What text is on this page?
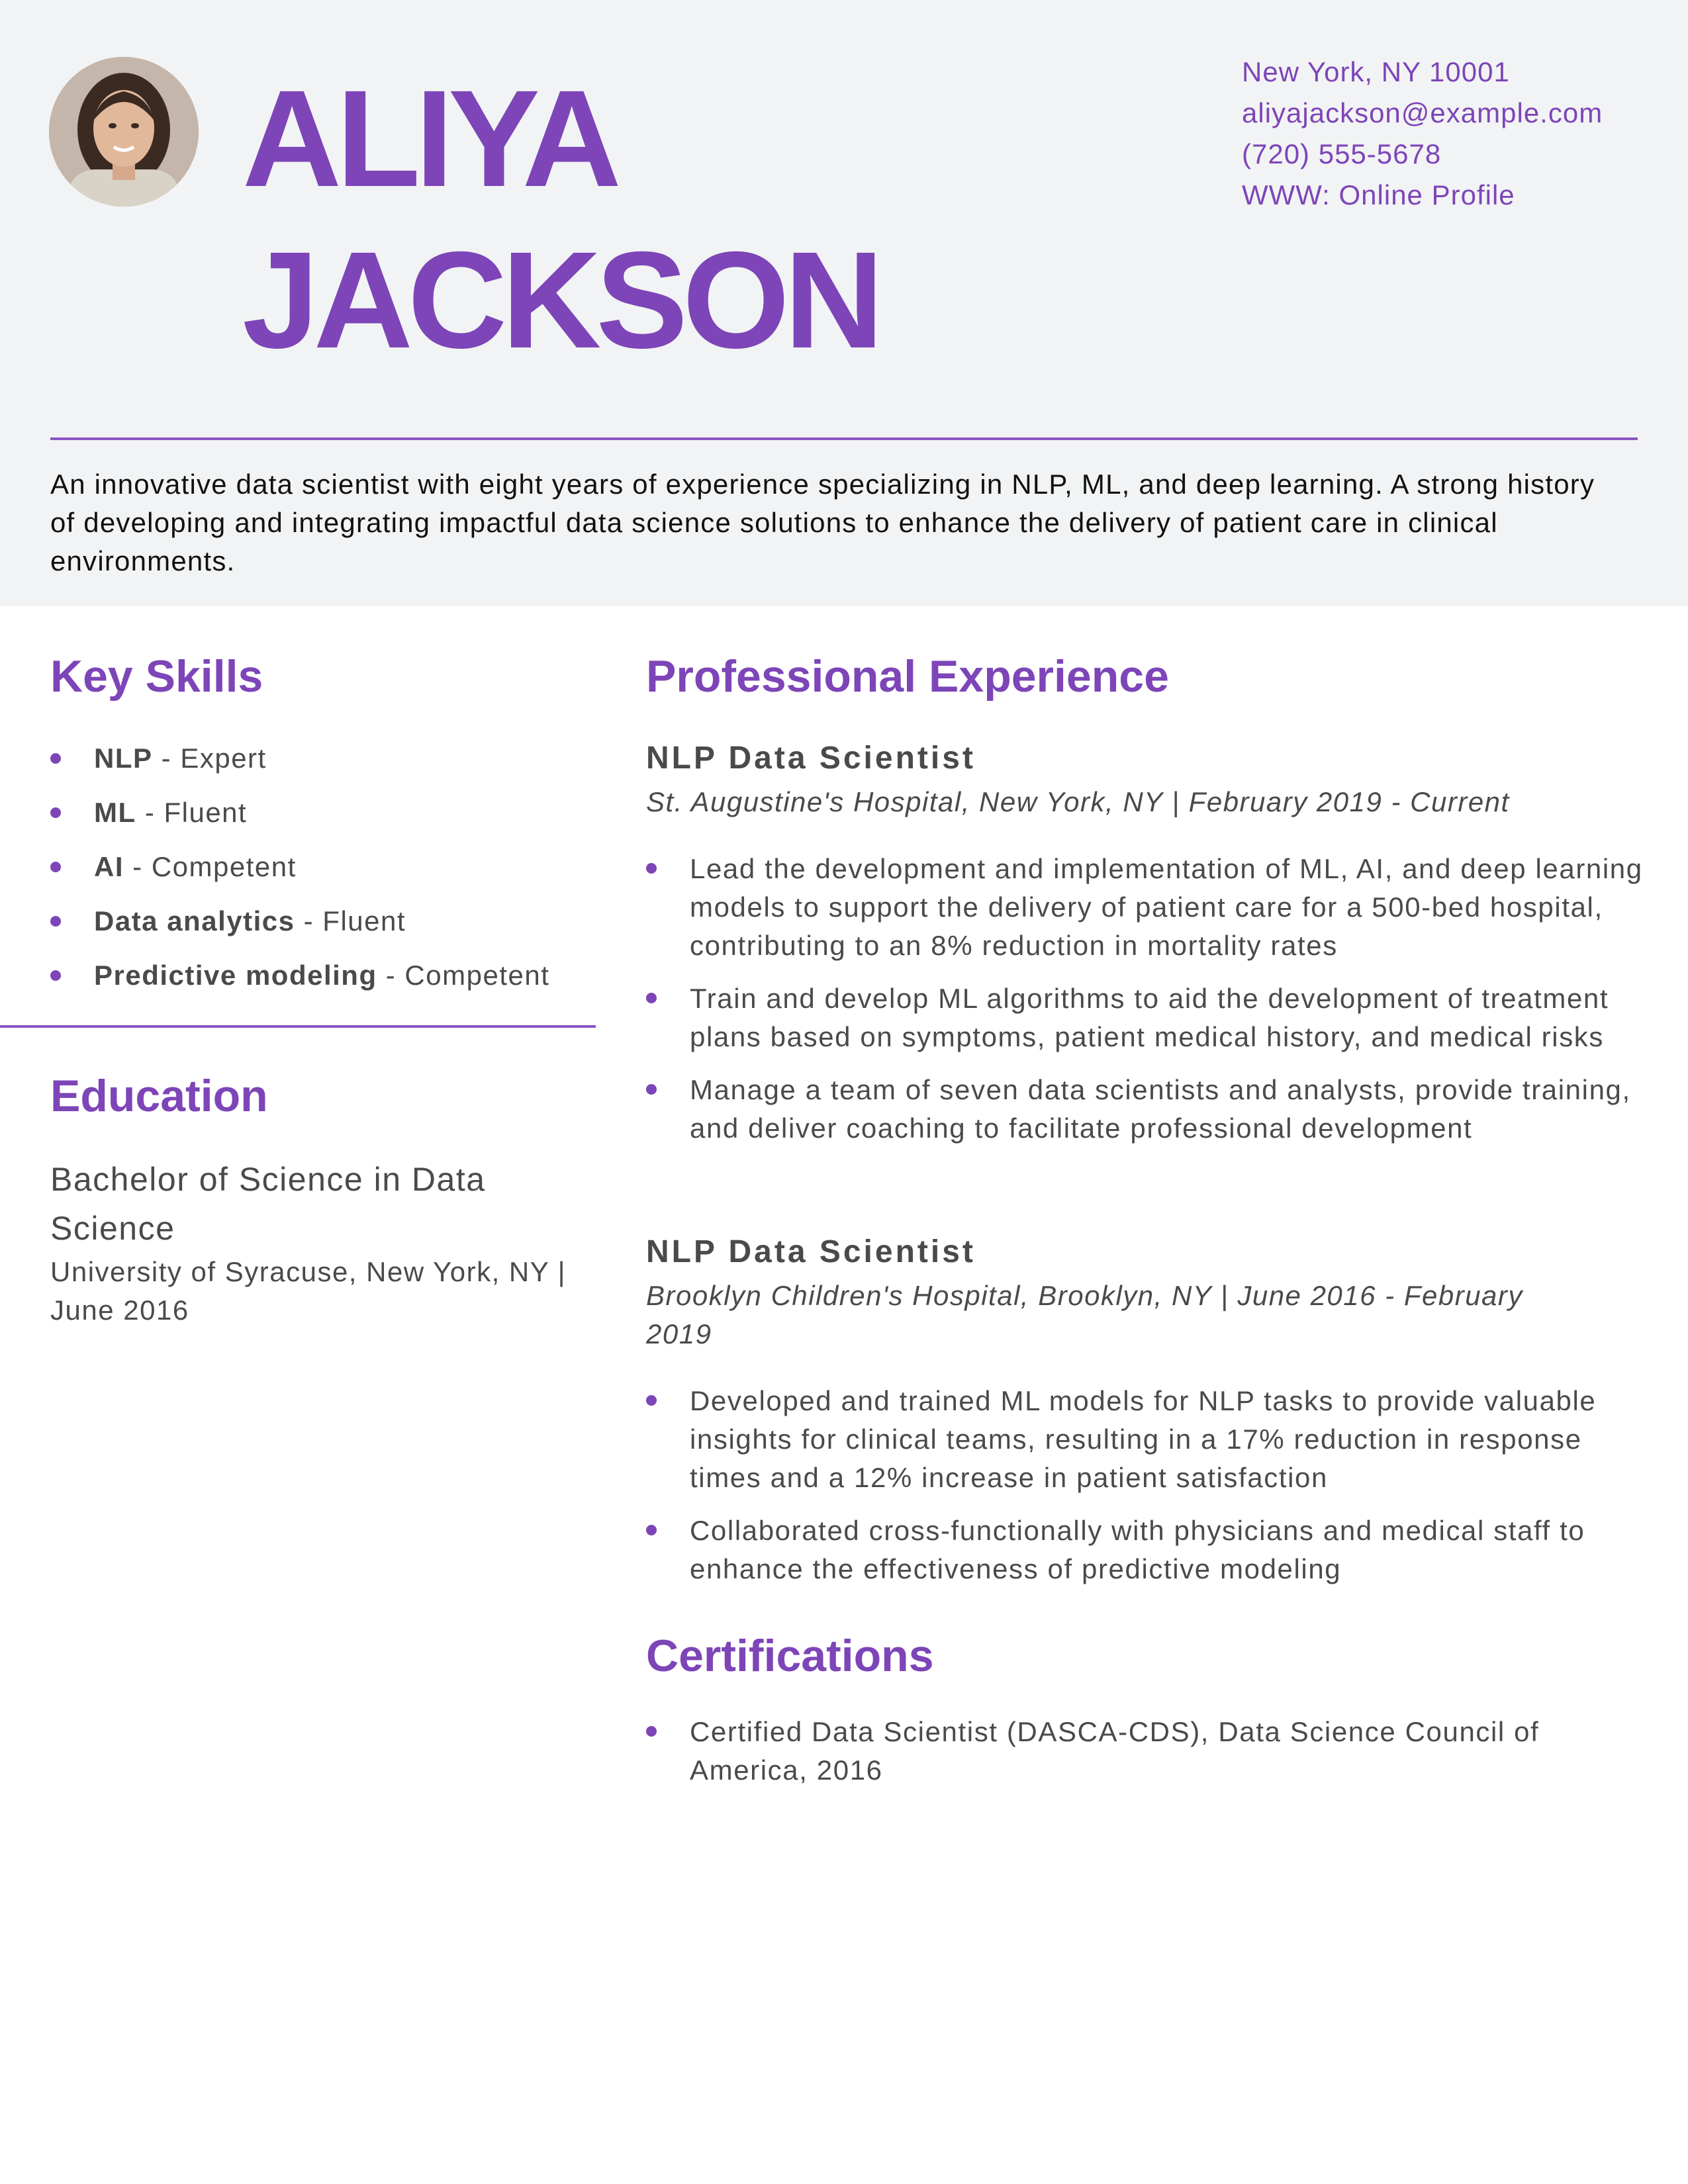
ALIYA
JACKSON
New York, NY 10001
aliyajackson@example.com
(720) 555-5678
WWW: Online Profile
An innovative data scientist with eight years of experience specializing in NLP, ML, and deep learning. A strong history of developing and integrating impactful data science solutions to enhance the delivery of patient care in clinical environments.
Key Skills
NLP - Expert
ML - Fluent
AI - Competent
Data analytics - Fluent
Predictive modeling - Competent
Education
Bachelor of Science in Data Science
University of Syracuse, New York, NY | June 2016
Professional Experience
NLP Data Scientist
St. Augustine's Hospital, New York, NY | February 2019 - Current
Lead the development and implementation of ML, AI, and deep learning models to support the delivery of patient care for a 500-bed hospital, contributing to an 8% reduction in mortality rates
Train and develop ML algorithms to aid the development of treatment plans based on symptoms, patient medical history, and medical risks
Manage a team of seven data scientists and analysts, provide training, and deliver coaching to facilitate professional development
NLP Data Scientist
Brooklyn Children's Hospital, Brooklyn, NY | June 2016 - February 2019
Developed and trained ML models for NLP tasks to provide valuable insights for clinical teams, resulting in a 17% reduction in response times and a 12% increase in patient satisfaction
Collaborated cross-functionally with physicians and medical staff to enhance the effectiveness of predictive modeling
Certifications
Certified Data Scientist (DASCA-CDS), Data Science Council of America, 2016
